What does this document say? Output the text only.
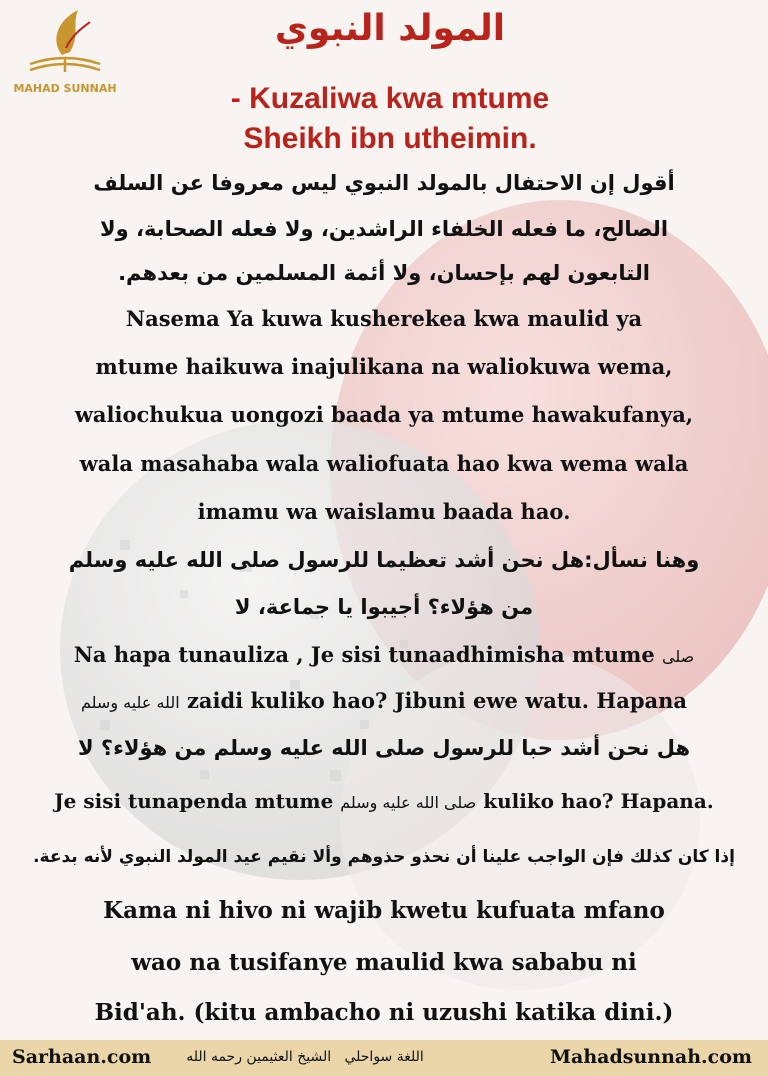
MAHAD SUNNAH
المولد النبوي
- Kuzaliwa kwa mtume
Sheikh ibn utheimin.
أقول إن الاحتفال بالمولد النبوي ليس معروفا عن السلف
الصالح، ما فعله الخلفاء الراشدين، ولا فعله الصحابة، ولا
التابعون لهم بإحسان، ولا أئمة المسلمين من بعدهم.
Nasema Ya kuwa kusherekea kwa maulid ya
mtume haikuwa inajulikana na waliokuwa wema,
waliochukua uongozi baada ya mtume hawakufanya,
wala masahaba wala waliofuata hao kwa wema wala
imamu wa waislamu baada hao.
وهنا نسأل:هل نحن أشد تعظيما للرسول صلى الله عليه وسلم
من هؤلاء؟ أجيبوا يا جماعة، لا
Na hapa tunauliza , Je sisi tunaadhimisha mtume صلى
الله عليه وسلم zaidi kuliko hao? Jibuni ewe watu. Hapana
هل نحن أشد حبا للرسول صلى الله عليه وسلم من هؤلاء؟ لا
Je sisi tunapenda mtume صلى الله عليه وسلم kuliko hao? Hapana.
إذا كان كذلك فإن الواجب علينا أن نحذو حذوهم وألا نقيم عيد المولد النبوي لأنه بدعة.
Kama ni hivo ni wajib kwetu kufuata mfano
wao na tusifanye maulid kwa sababu ni
Bid'ah. (kitu ambacho ni uzushi katika dini.)
Sarhaan.com	اللغة سواحلي   الشيخ العثيمين رحمه الله	Mahadsunnah.com
